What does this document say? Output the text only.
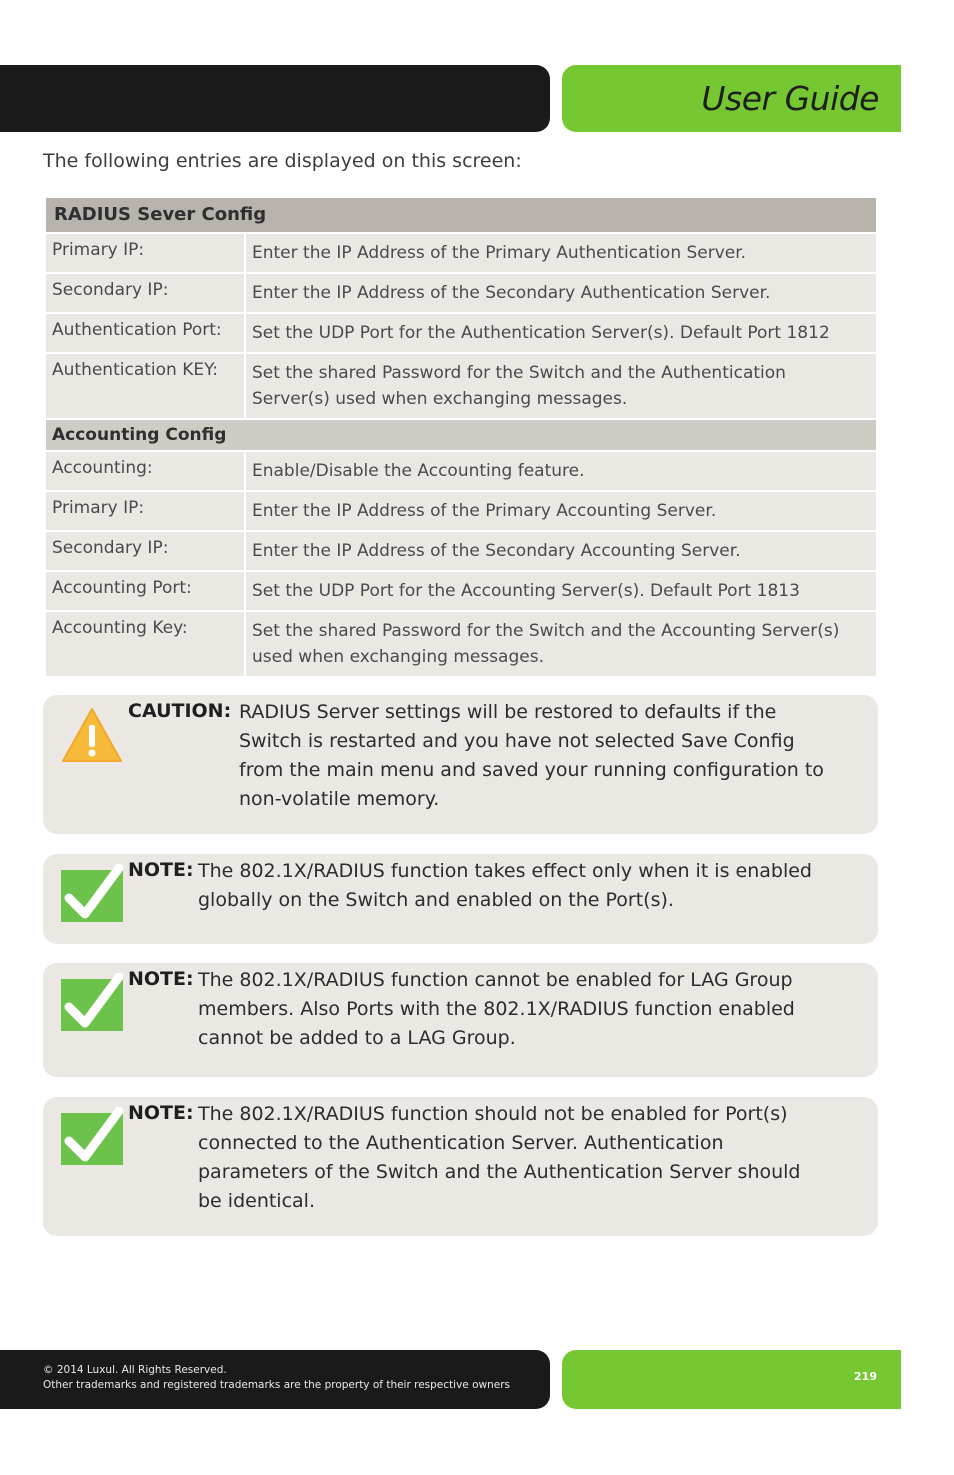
User Guide
The following entries are displayed on this screen:
RADIUS Sever Config	
Primary IP:	Enter the IP Address of the Primary Authentication Server.
Secondary IP:	Enter the IP Address of the Secondary Authentication Server.
Authentication Port:	Set the UDP Port for the Authentication Server(s). Default Port 1812
Authentication KEY:	Set the shared Password for the Switch and the Authentication Server(s) used when exchanging messages.
Accounting Config	
Accounting:	Enable/Disable the Accounting feature.
Primary IP:	Enter the IP Address of the Primary Accounting Server.
Secondary IP:	Enter the IP Address of the Secondary Accounting Server.
Accounting Port:	Set the UDP Port for the Accounting Server(s). Default Port 1813
Accounting Key:	Set the shared Password for the Switch and the Accounting Server(s) used when exchanging messages.
CAUTION: RADIUS Server settings will be restored to defaults if the Switch is restarted and you have not selected Save Config from the main menu and saved your running configuration to non-volatile memory.
NOTE: The 802.1X/RADIUS function takes effect only when it is enabled globally on the Switch and enabled on the Port(s).
NOTE: The 802.1X/RADIUS function cannot be enabled for LAG Group members. Also Ports with the 802.1X/RADIUS function enabled cannot be added to a LAG Group.
NOTE: The 802.1X/RADIUS function should not be enabled for Port(s) connected to the Authentication Server. Authentication parameters of the Switch and the Authentication Server should be identical.
© 2014 Luxul. All Rights Reserved.
Other trademarks and registered trademarks are the property of their respective owners
219
